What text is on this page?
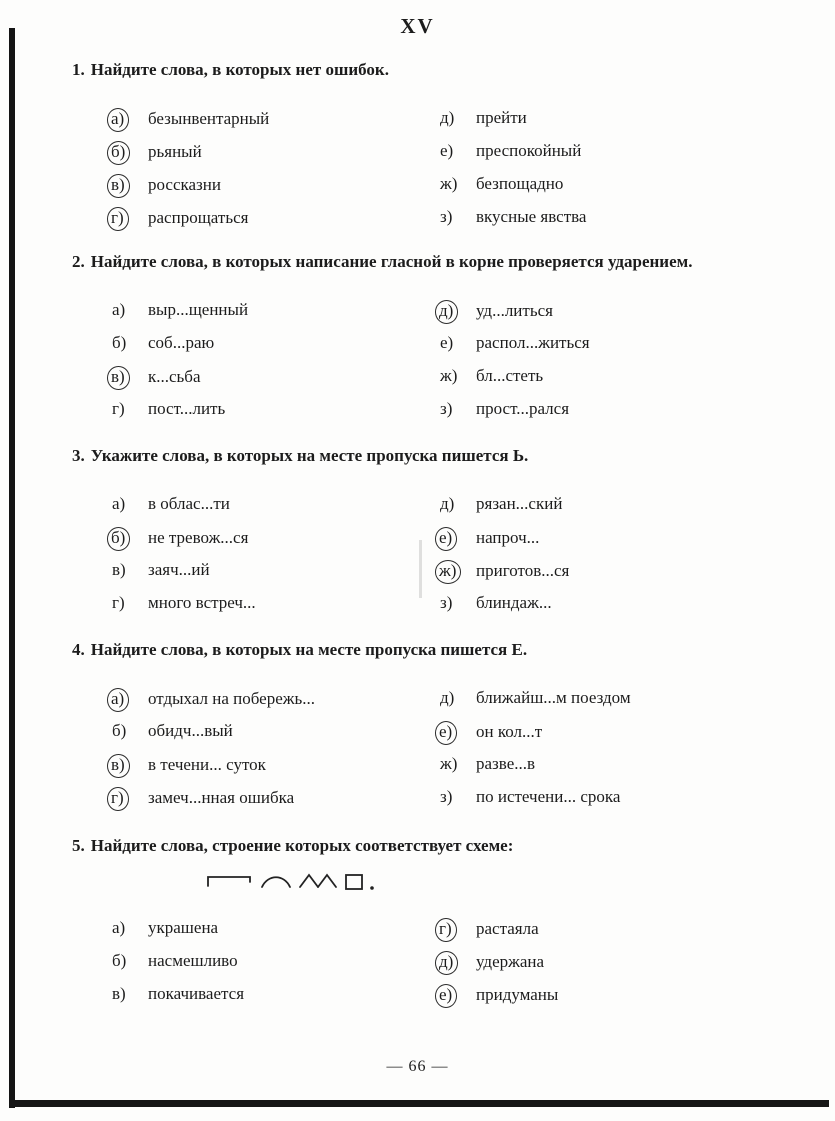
XV

1. Найдите слова, в которых нет ошибок.

а)	безынвентарный
б)	рьяный
в)	россказни
г)	распрощаться
д)	прейти
е)	преспокойный
ж)	безпощадно
з)	вкусные явства

2. Найдите слова, в которых написание гласной в корне проверяется ударением.

а)	выр...щенный
б)	соб...раю
в)	к...сьба
г)	пост...лить
д)	уд...литься
е)	распол...житься
ж)	бл...стеть
з)	прост...рался

3. Укажите слова, в которых на месте пропуска пишется Ь.

а)	в облас...ти
б)	не тревож...ся
в)	заяч...ий
г)	много встреч...
д)	рязан...ский
е)	напроч...
ж)	приготов...ся
з)	блиндаж...

4. Найдите слова, в которых на месте пропуска пишется Е.

а)	отдыхал на побережь...
б)	обидч...вый
в)	в течени... суток
г)	замеч...нная ошибка
д)	ближайш...м поездом
е)	он кол...т
ж)	разве...в
з)	по истечени... срока

5. Найдите слова, строение которых соответствует схеме:

а)	украшена
б)	насмешливо
в)	покачивается
г)	растаяла
д)	удержана
е)	придуманы
— 66 —
